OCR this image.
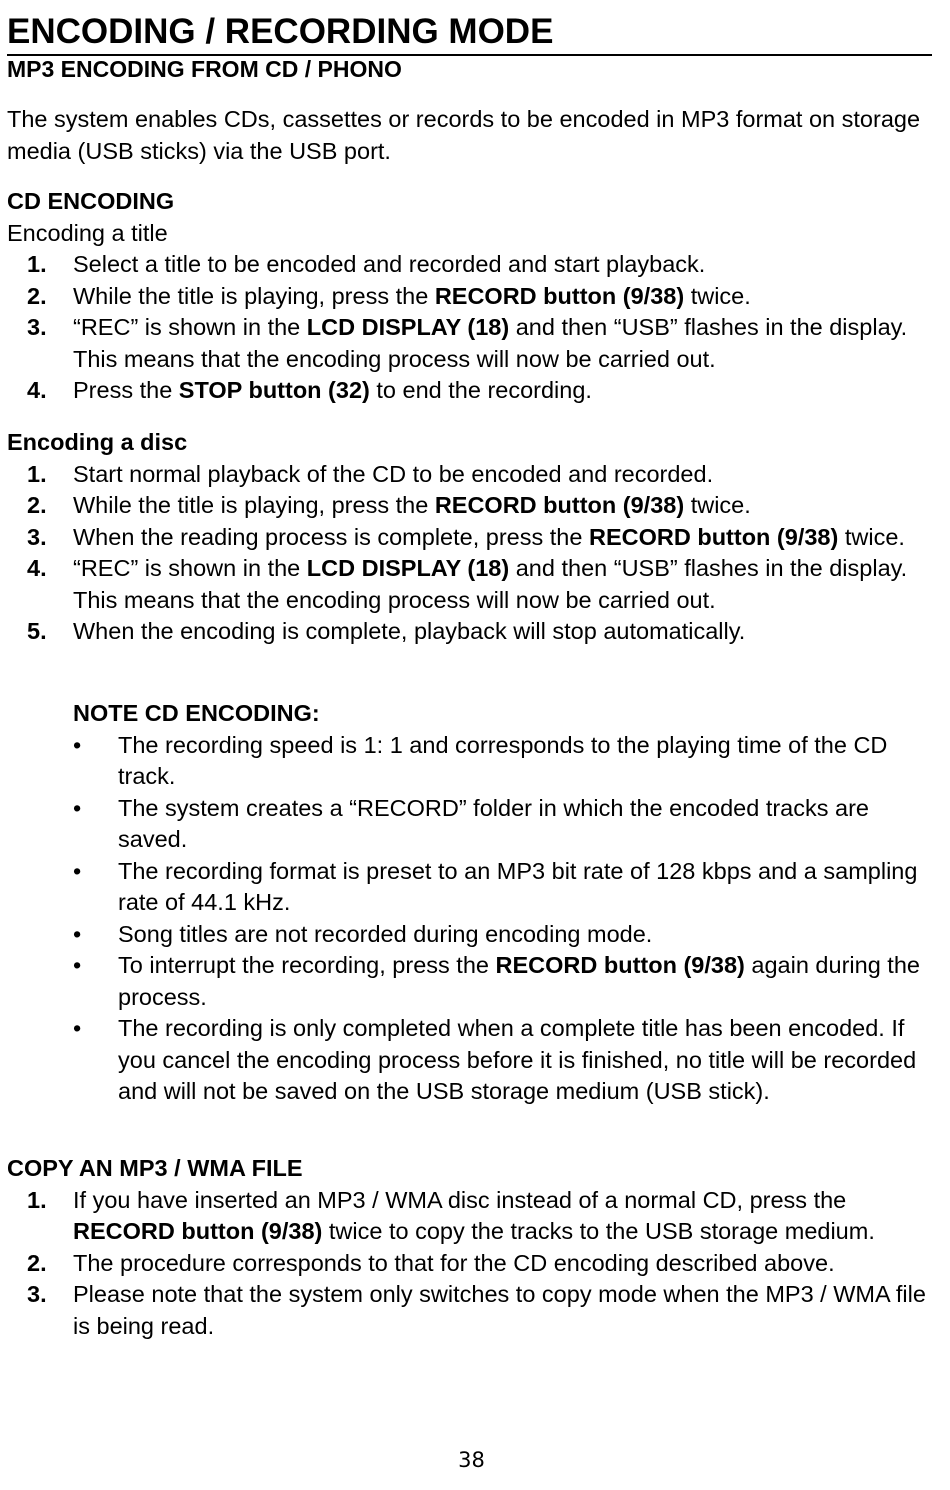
ENCODING / RECORDING MODE
MP3 ENCODING FROM CD / PHONO
The system enables CDs, cassettes or records to be encoded in MP3 format on storage media (USB sticks) via the USB port.
CD ENCODING
Encoding a title
1. Select a title to be encoded and recorded and start playback.
2. While the title is playing, press the RECORD button (9/38) twice.
3. “REC” is shown in the LCD DISPLAY (18) and then “USB” flashes in the display. This means that the encoding process will now be carried out.
4. Press the STOP button (32) to end the recording.
Encoding a disc
1. Start normal playback of the CD to be encoded and recorded.
2. While the title is playing, press the RECORD button (9/38) twice.
3. When the reading process is complete, press the RECORD button (9/38) twice.
4. “REC” is shown in the LCD DISPLAY (18) and then “USB” flashes in the display. This means that the encoding process will now be carried out.
5. When the encoding is complete, playback will stop automatically.
NOTE CD ENCODING:
•	The recording speed is 1: 1 and corresponds to the playing time of the CD track.
•	The system creates a “RECORD” folder in which the encoded tracks are saved.
•	The recording format is preset to an MP3 bit rate of 128 kbps and a sampling rate of 44.1 kHz.
•	Song titles are not recorded during encoding mode.
•	To interrupt the recording, press the RECORD button (9/38) again during the process.
•	The recording is only completed when a complete title has been encoded. If you cancel the encoding process before it is finished, no title will be recorded and will not be saved on the USB storage medium (USB stick).
COPY AN MP3 / WMA FILE
1. If you have inserted an MP3 / WMA disc instead of a normal CD, press the RECORD button (9/38) twice to copy the tracks to the USB storage medium.
2. The procedure corresponds to that for the CD encoding described above.
3. Please note that the system only switches to copy mode when the MP3 / WMA file is being read.
38
